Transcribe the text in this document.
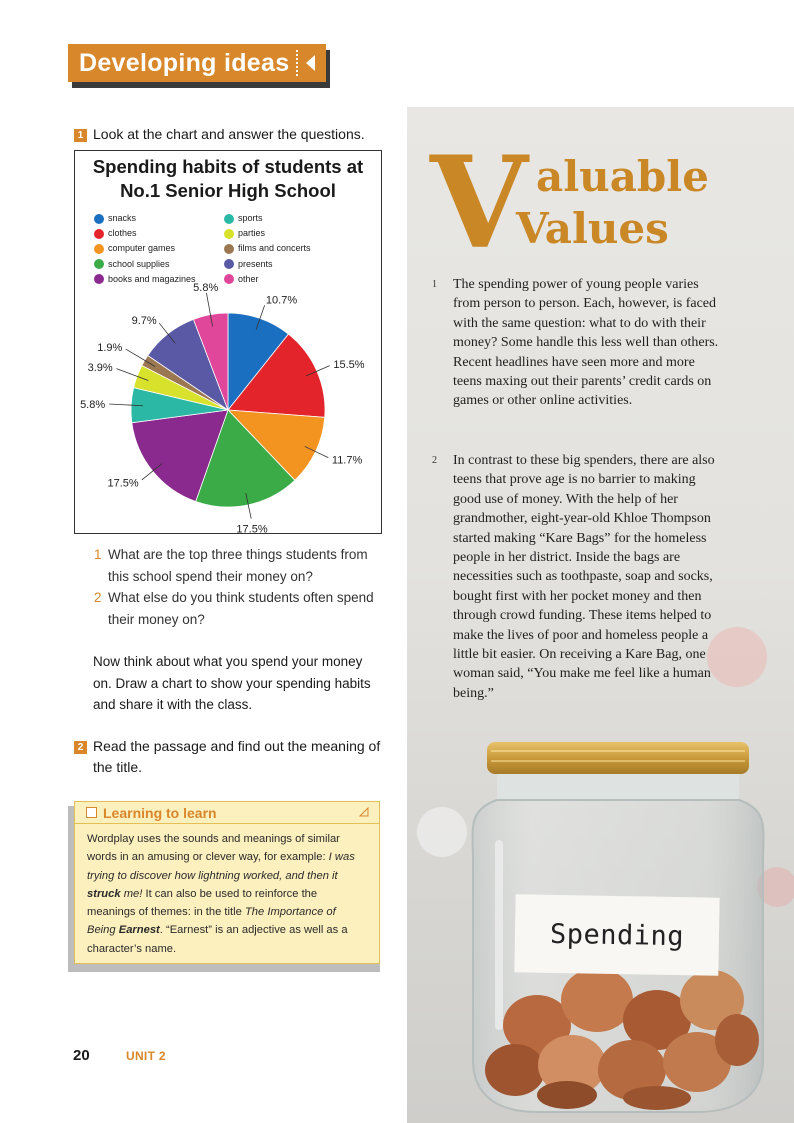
Developing ideas
1 Look at the chart and answer the questions.
Spending habits of students at
No.1 Senior High School
snacks
clothes
computer games
school supplies
books and magazines
sports
parties
films and concerts
presents
other
10.7%
15.5%
11.7%
17.5%
17.5%
5.8%
3.9%
1.9%
9.7%
5.8%
1 What are the top three things students from this school spend their money on?
2 What else do you think students often spend their money on?
Now think about what you spend your money on. Draw a chart to show your spending habits and share it with the class.
2 Read the passage and find out the meaning of the title.
Learning to learn
Wordplay uses the sounds and meanings of similar words in an amusing or clever way, for example: I was trying to discover how lightning worked, and then it struck me! It can also be used to reinforce the meanings of themes: in the title The Importance of Being Earnest. “Earnest” is an adjective as well as a character’s name.
20	UNIT 2
V aluable
Values
1 The spending power of young people varies from person to person. Each, however, is faced with the same question: what to do with their money? Some handle this less well than others. Recent headlines have seen more and more teens maxing out their parents’ credit cards on games or other online activities.
2 In contrast to these big spenders, there are also teens that prove age is no barrier to making good use of money. With the help of her grandmother, eight-year-old Khloe Thompson started making “Kare Bags” for the homeless people in her district. Inside the bags are necessities such as toothpaste, soap and socks, bought first with her pocket money and then through crowd funding. These items helped to make the lives of poor and homeless people a little bit easier. On receiving a Kare Bag, one woman said, “You make me feel like a human being.”
Spending
